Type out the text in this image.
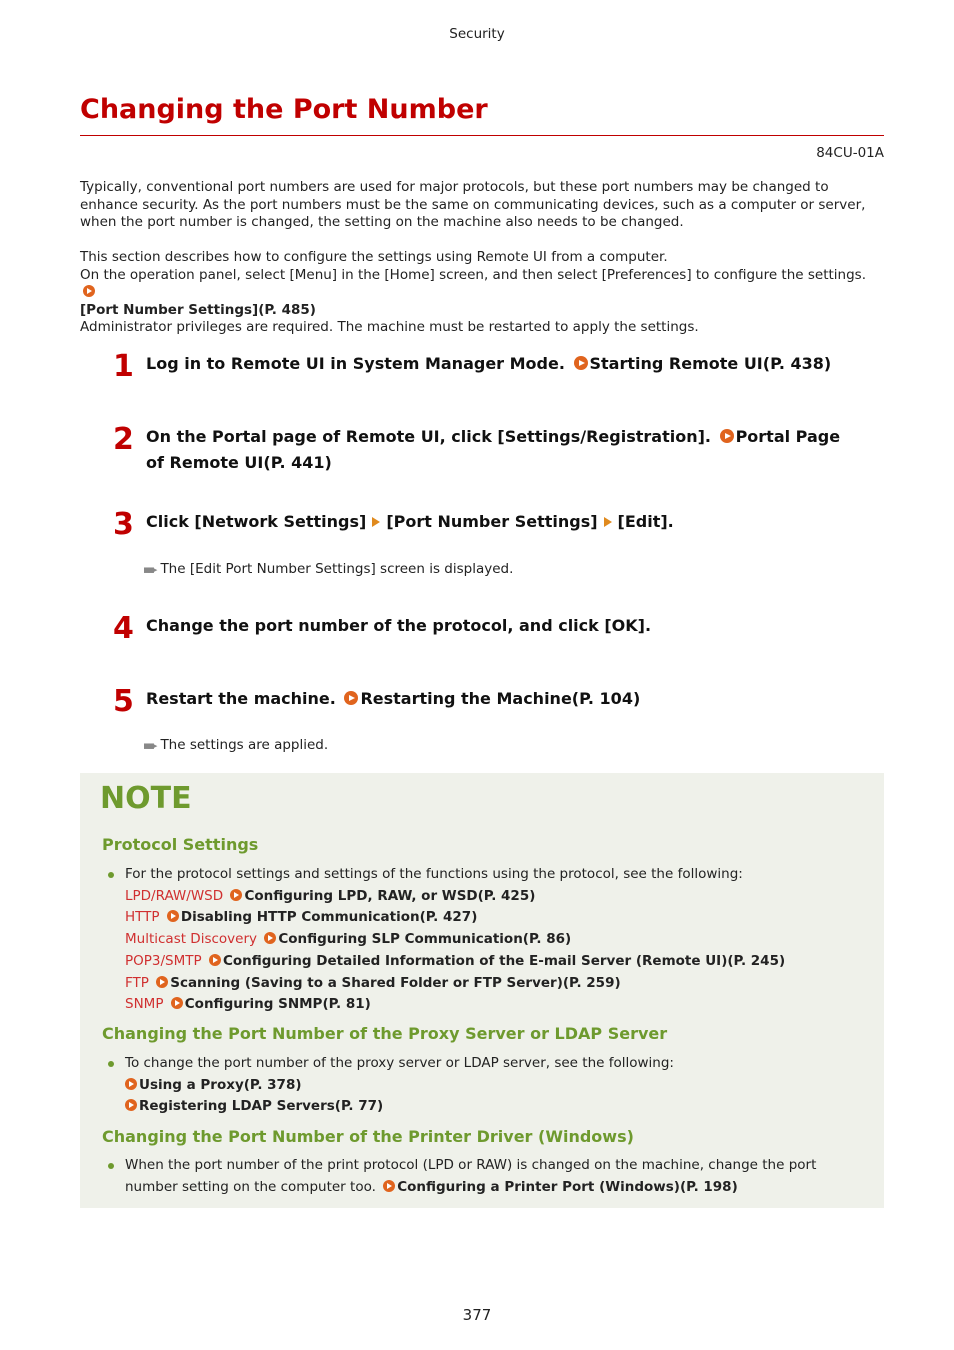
Security
Changing the Port Number
84CU-01A
Typically, conventional port numbers are used for major protocols, but these port numbers may be changed to enhance security. As the port numbers must be the same on communicating devices, such as a computer or server, when the port number is changed, the setting on the machine also needs to be changed.
This section describes how to configure the settings using Remote UI from a computer.
On the operation panel, select [Menu] in the [Home] screen, and then select [Preferences] to configure the settings.
[Port Number Settings](P. 485)
Administrator privileges are required. The machine must be restarted to apply the settings.
1 Log in to Remote UI in System Manager Mode. Starting Remote UI(P. 438)
2 On the Portal page of Remote UI, click [Settings/Registration]. Portal Page of Remote UI(P. 441)
3 Click [Network Settings] [Port Number Settings] [Edit].
▪▪▸ The [Edit Port Number Settings] screen is displayed.
4 Change the port number of the protocol, and click [OK].
5 Restart the machine. Restarting the Machine(P. 104)
▪▪▸ The settings are applied.
NOTE
Protocol Settings
For the protocol settings and settings of the functions using the protocol, see the following:
LPD/RAW/WSD Configuring LPD, RAW, or WSD(P. 425)
HTTP Disabling HTTP Communication(P. 427)
Multicast Discovery Configuring SLP Communication(P. 86)
POP3/SMTP Configuring Detailed Information of the E-mail Server (Remote UI)(P. 245)
FTP Scanning (Saving to a Shared Folder or FTP Server)(P. 259)
SNMP Configuring SNMP(P. 81)
Changing the Port Number of the Proxy Server or LDAP Server
To change the port number of the proxy server or LDAP server, see the following:
Using a Proxy(P. 378)
Registering LDAP Servers(P. 77)
Changing the Port Number of the Printer Driver (Windows)
When the port number of the print protocol (LPD or RAW) is changed on the machine, change the port
number setting on the computer too. Configuring a Printer Port (Windows)(P. 198)
377
